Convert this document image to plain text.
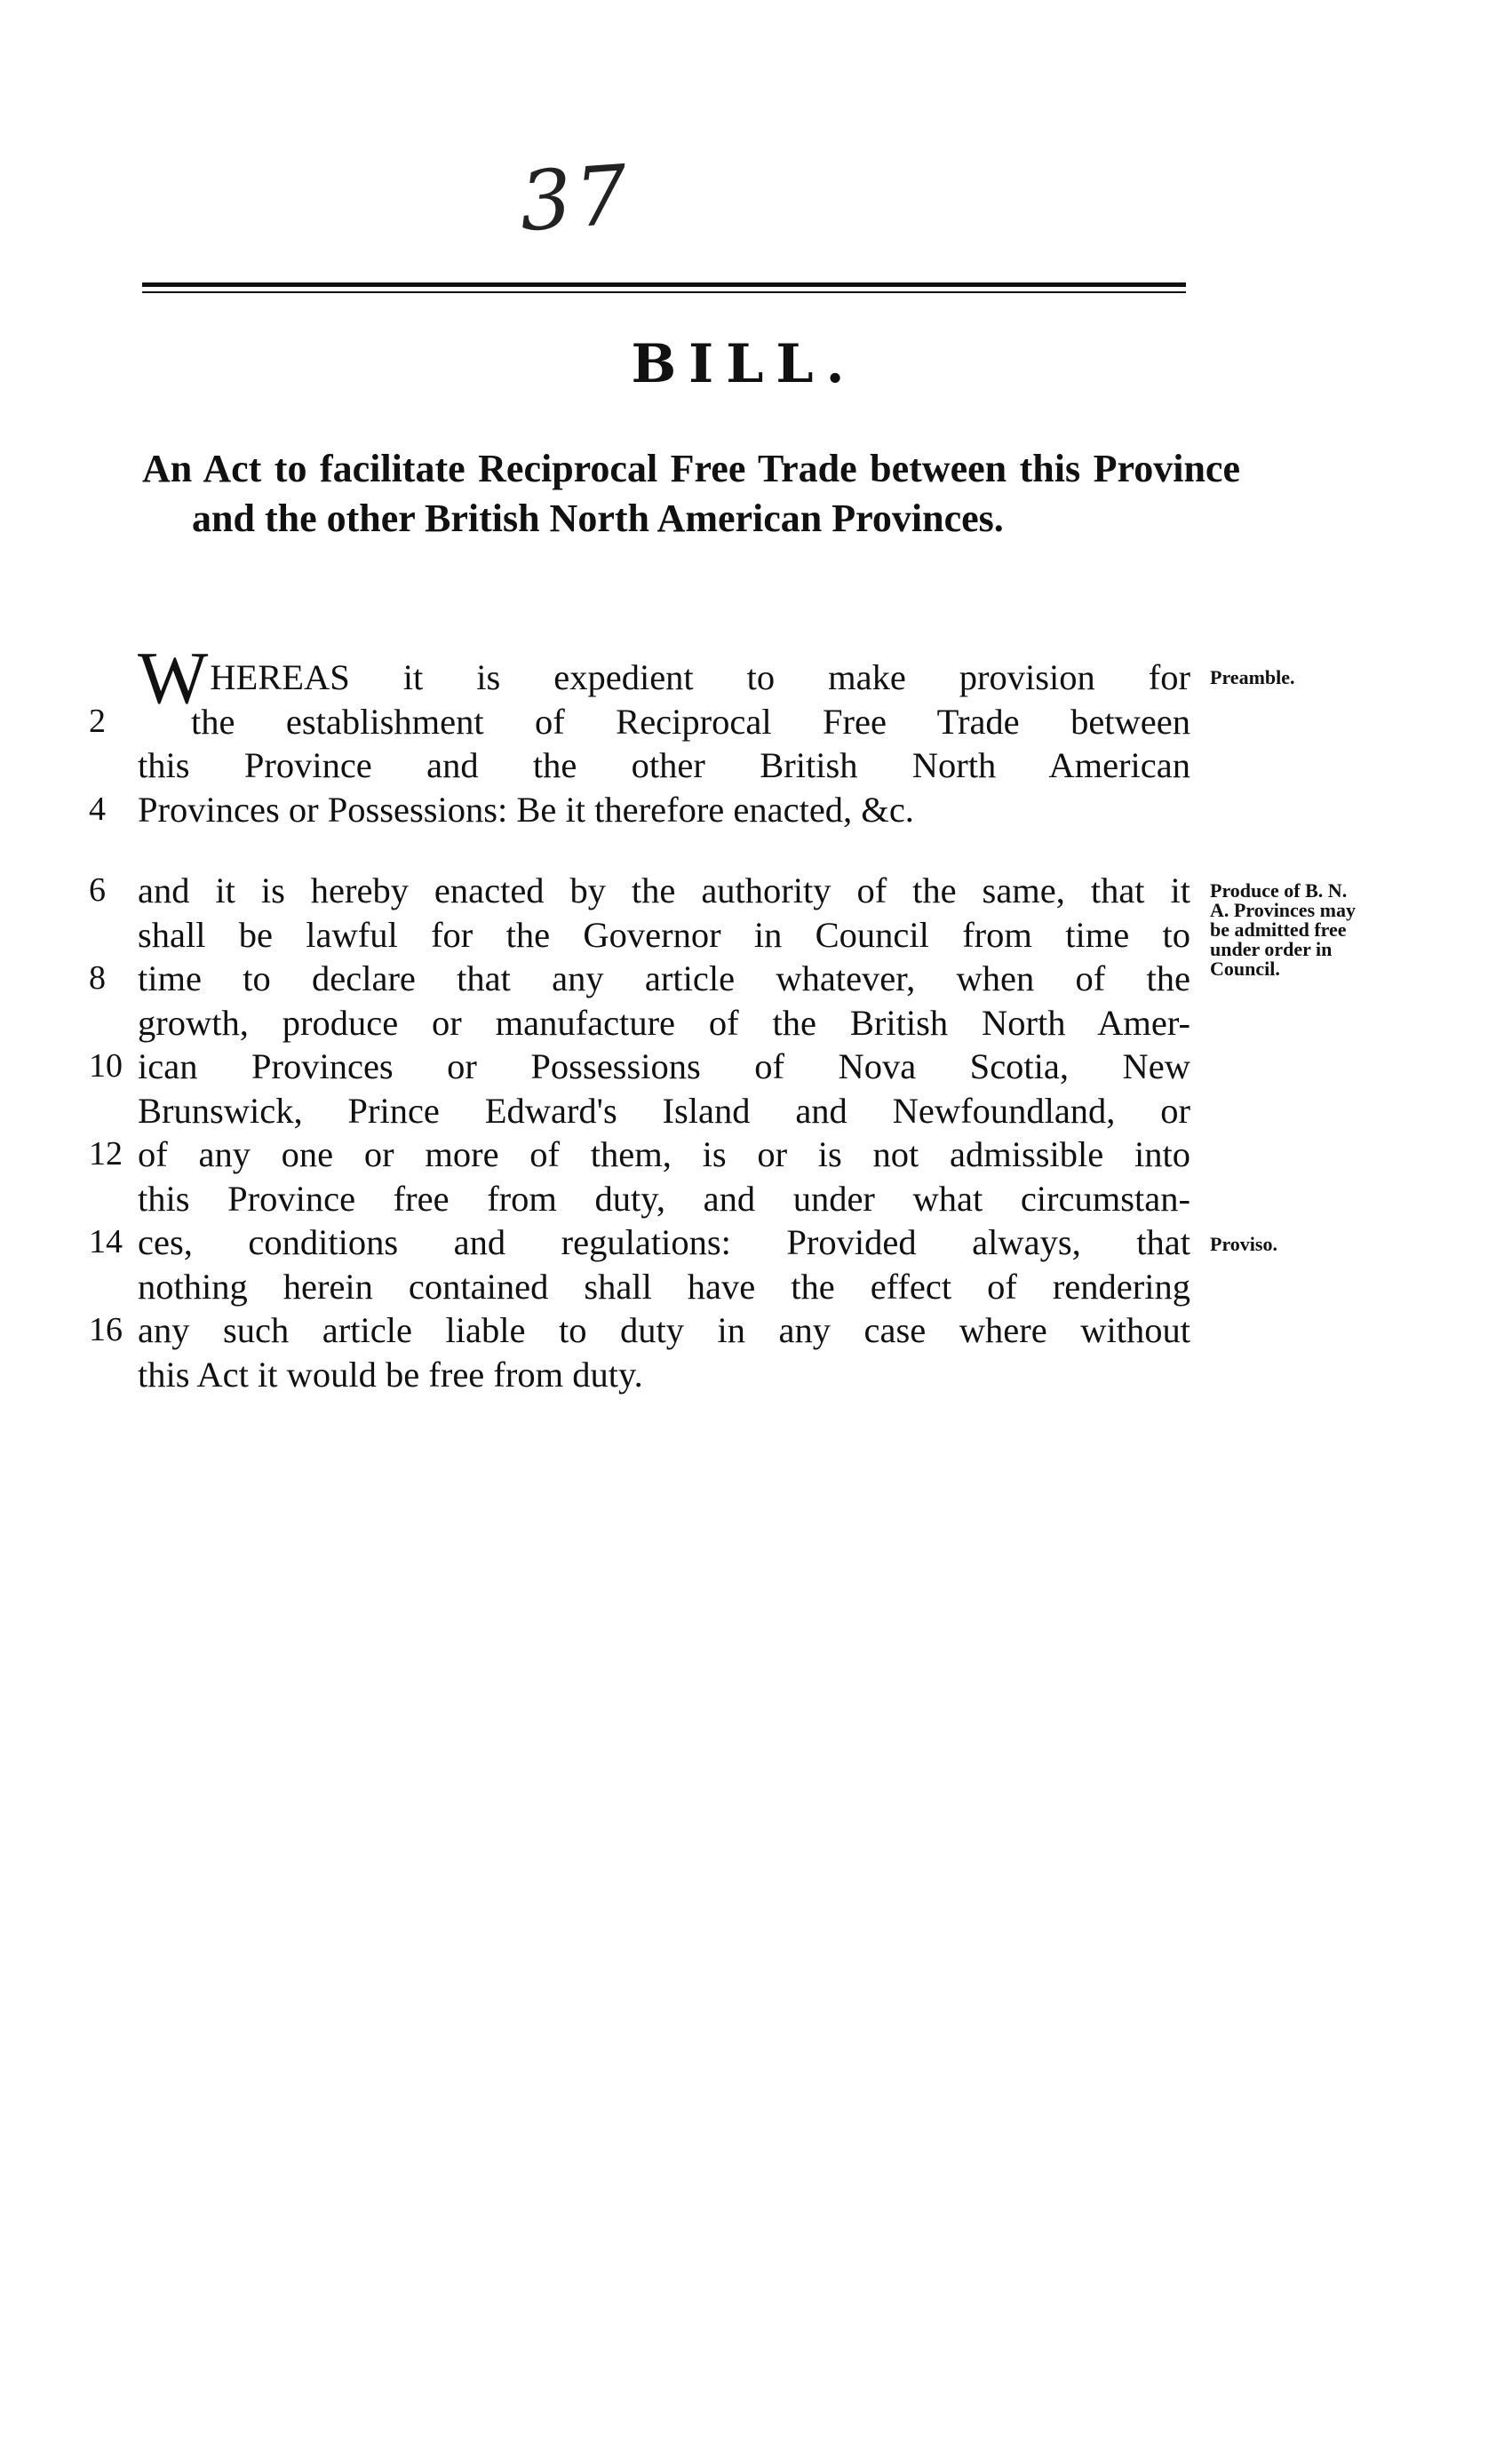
37
BILL.
An Act to facilitate Reciprocal Free Trade between this Province and the other British North American Provinces.
WHEREAS it is expedient to make provision for
2	the establishment of Reciprocal Free Trade between
this Province and the other British North American
4 Provinces or Possessions: Be it therefore enacted, &c.
6 and it is hereby enacted by the authority of the same, that it
shall be lawful for the Governor in Council from time to
8 time to declare that any article whatever, when of the
growth, produce or manufacture of the British North Amer-
10 ican Provinces or Possessions of Nova Scotia, New
Brunswick, Prince Edward's Island and Newfoundland, or
12 of any one or more of them, is or is not admissible into
this Province free from duty, and under what circumstan-
14 ces, conditions and regulations: Provided always, that
nothing herein contained shall have the effect of rendering
16 any such article liable to duty in any case where without
this Act it would be free from duty.
Preamble.
Produce of B. N. A. Provinces may be admitted free under order in Council.
Proviso.
